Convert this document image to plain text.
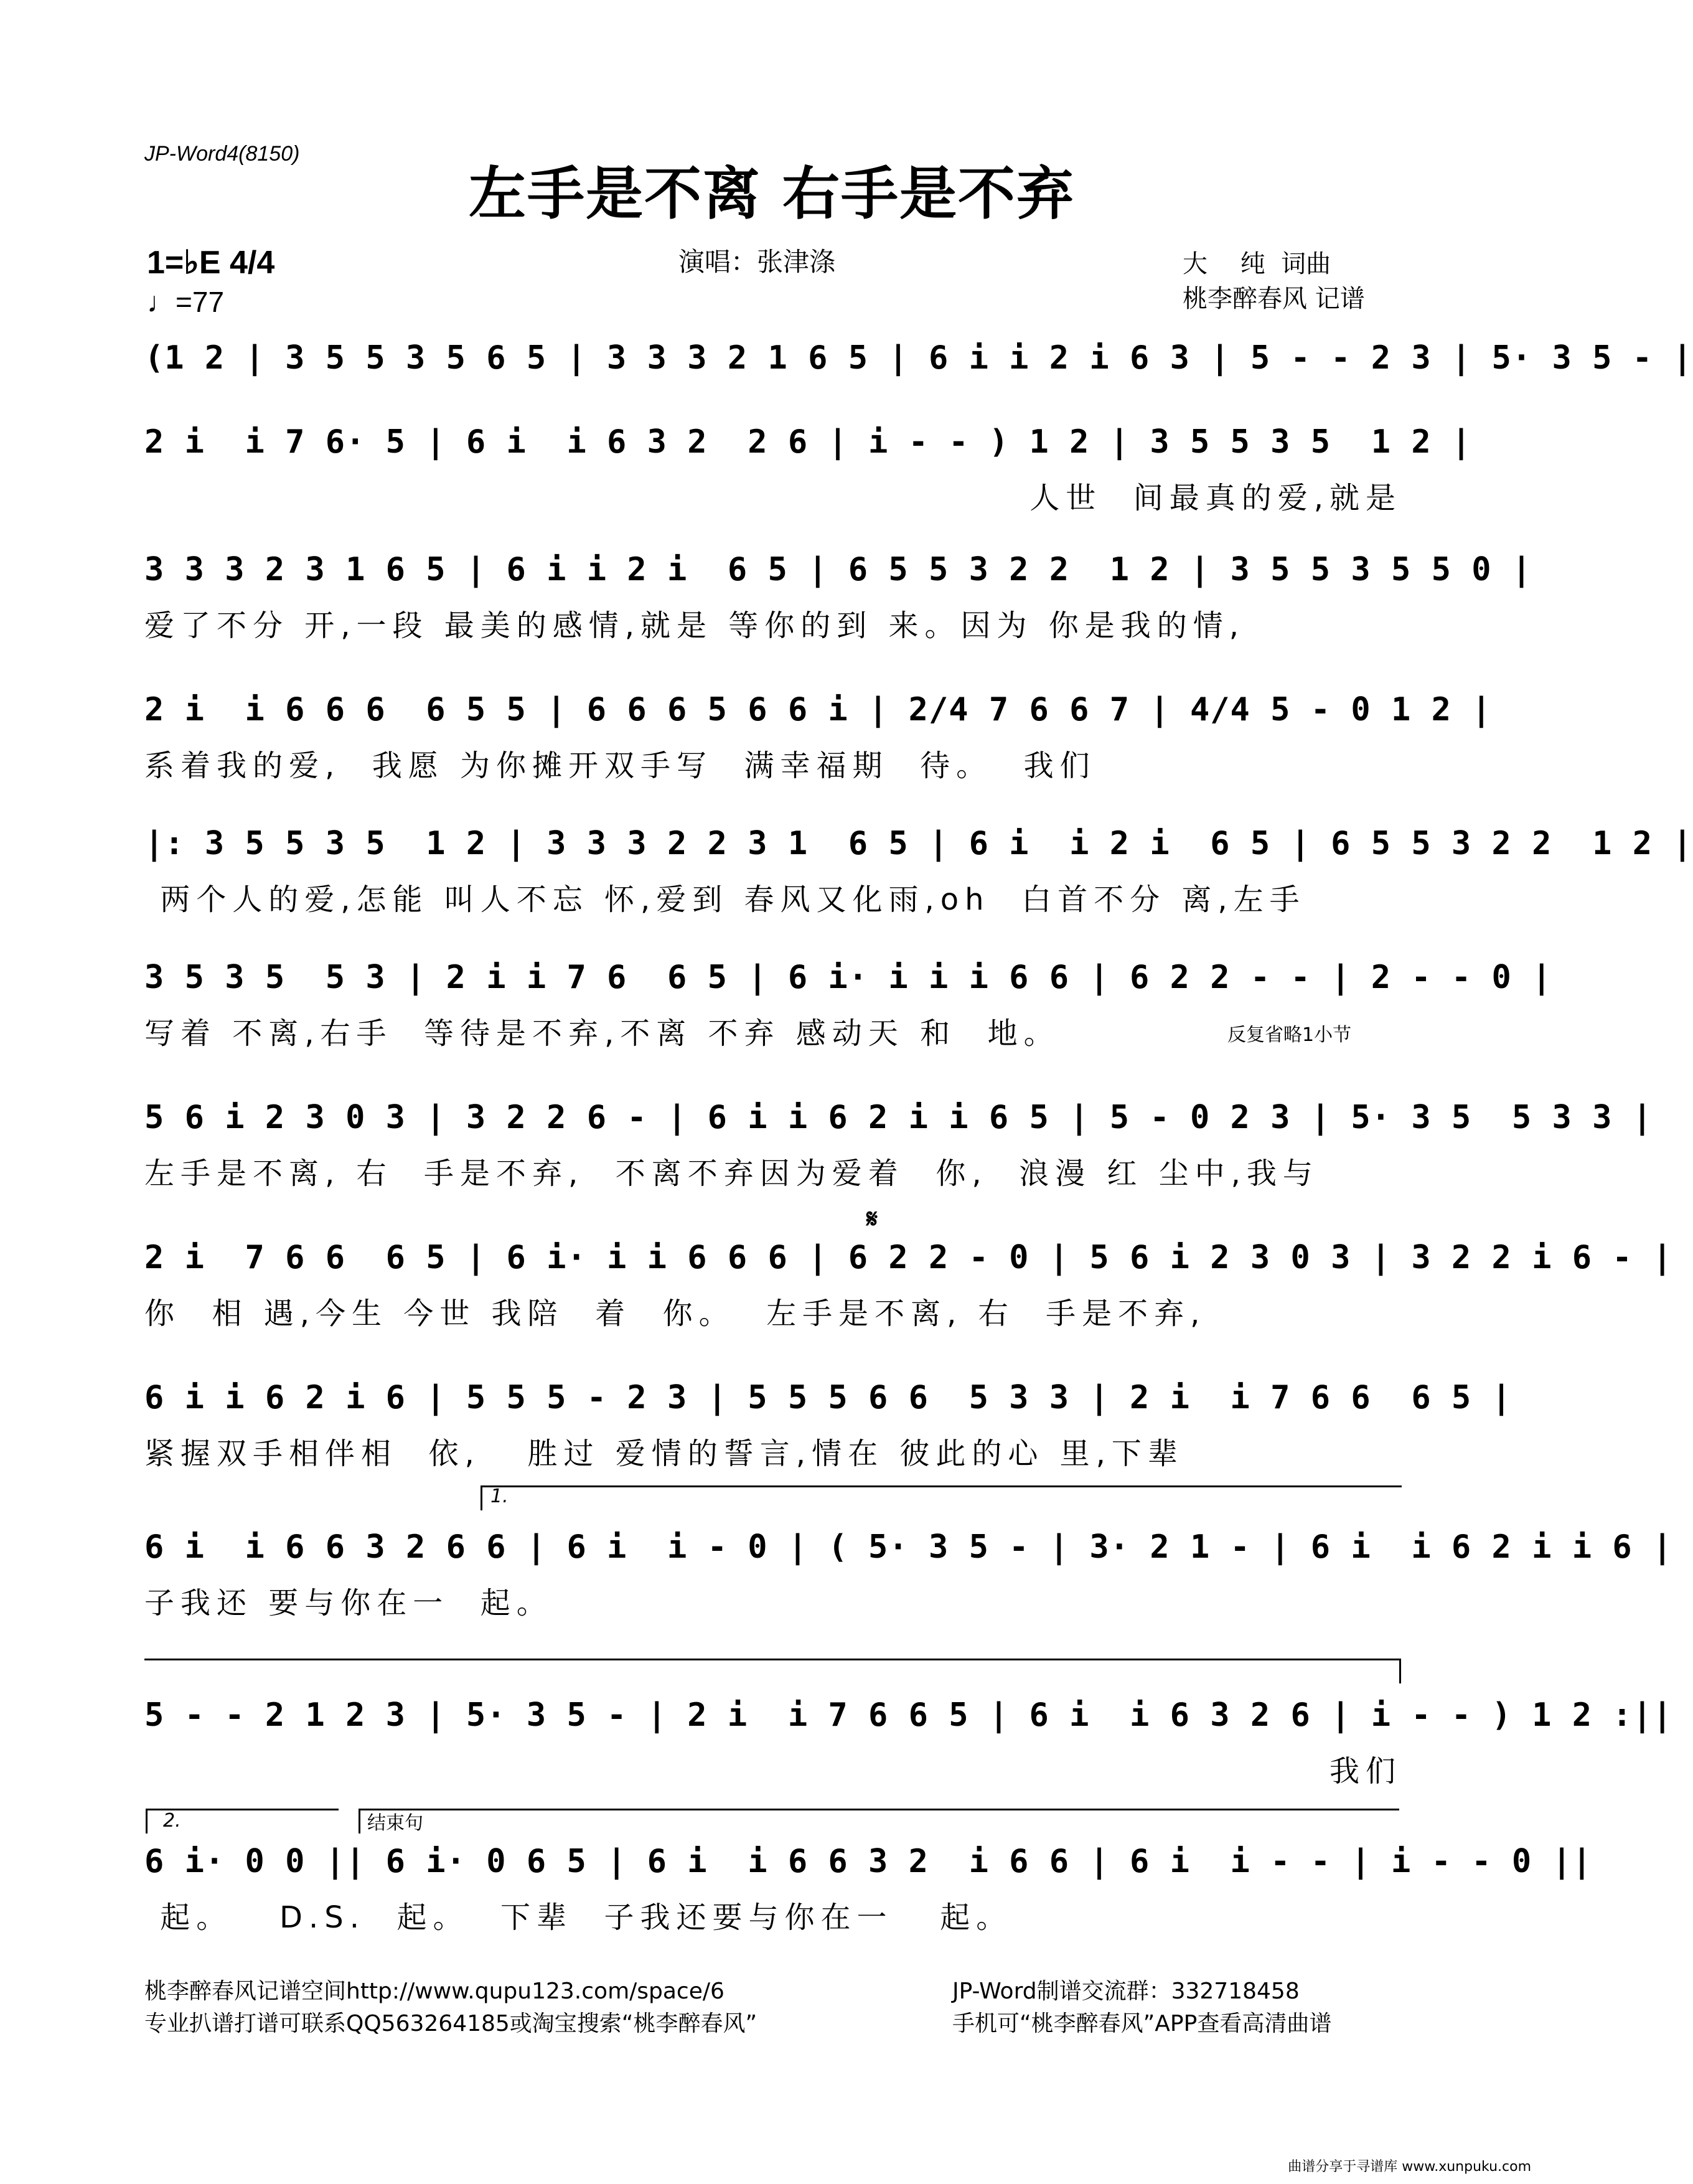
JP-Word4(8150)
左手是不离 右手是不弃
1=♭E 4/4
♩=77
演唱：张津涤	大　 纯  词曲
桃李醉春风 记谱
(1 2 | 3 5 5 3 5 6 5 | 3 3 3 2 1 6 5 | 6 i i 2 i 6 3 | 5 - - 2 3 | 5· 3 5 - |
2 i  i 7 6· 5 | 6 i  i 6 3 2  2 6 | i - - ) 1 2 | 3 5 5 3 5  1 2 |
人世  间最真的爱,就是
3 3 3 2 3 1 6 5 | 6 i i 2 i  6 5 | 6 5 5 3 2 2  1 2 | 3 5 5 3 5 5 0 |
爱了不分 开,一段 最美的感情,就是 等你的到 来。因为 你是我的情,
2 i  i 6 6 6  6 5 5 | 6 6 6 5 6 6 i | 2/4 7 6 6 7 | 4/4 5 - 0 1 2 |
系着我的爱,  我愿 为你摊开双手写  满幸福期  待。  我们
|: 3 5 5 3 5  1 2 | 3 3 3 2 2 3 1  6 5 | 6 i  i 2 i  6 5 | 6 5 5 3 2 2  1 2 |
两个人的爱,怎能 叫人不忘 怀,爱到 春风又化雨,oh  白首不分 离,左手
3 5 3 5  5 3 | 2 i i 7 6  6 5 | 6 i· i i i 6 6 | 6 2 2 - - | 2 - - 0 |
写着 不离,右手  等待是不弃,不离 不弃 感动天 和  地。	反复省略1小节
5 6 i 2 3 0 3 | 3 2 2 6 - | 6 i i 6 2 i i 6 5 | 5 - 0 2 3 | 5· 3 5  5 3 3 |
左手是不离, 右  手是不弃,  不离不弃因为爱着  你,  浪漫 红 尘中,我与
𝄋
2 i  7 6 6  6 5 | 6 i· i i 6 6 6 | 6 2 2 - 0 | 5 6 i 2 3 0 3 | 3 2 2 i 6 - |
你  相 遇,今生 今世 我陪  着  你。  左手是不离, 右  手是不弃,
6 i i 6 2 i 6 | 5 5 5 - 2 3 | 5 5 5 6 6  5 3 3 | 2 i  i 7 6 6  6 5 |
紧握双手相伴相  依,   胜过 爱情的誓言,情在 彼此的心 里,下辈
1.
6 i  i 6 6 3 2 6 6 | 6 i  i - 0 | ( 5· 3 5 - | 3· 2 1 - | 6 i  i 6 2 i i 6 |
子我还 要与你在一  起。
5 - - 2 1 2 3 | 5· 3 5 - | 2 i  i 7 6 6 5 | 6 i  i 6 3 2 6 | i - - ) 1 2 :||
我们
2.	结束句
6 i· 0 0 || 6 i· 0 6 5 | 6 i  i 6 6 3 2  i 6 6 | 6 i  i - - | i - - 0 ||
起。   D.S.  起。  下辈  子我还要与你在一   起。
桃李醉春风记谱空间http://www.qupu123.com/space/6
专业扒谱打谱可联系QQ563264185或淘宝搜索“桃李醉春风”
JP-Word制谱交流群：332718458
手机可“桃李醉春风”APP查看高清曲谱
曲谱分享于寻谱库 www.xunpuku.com
